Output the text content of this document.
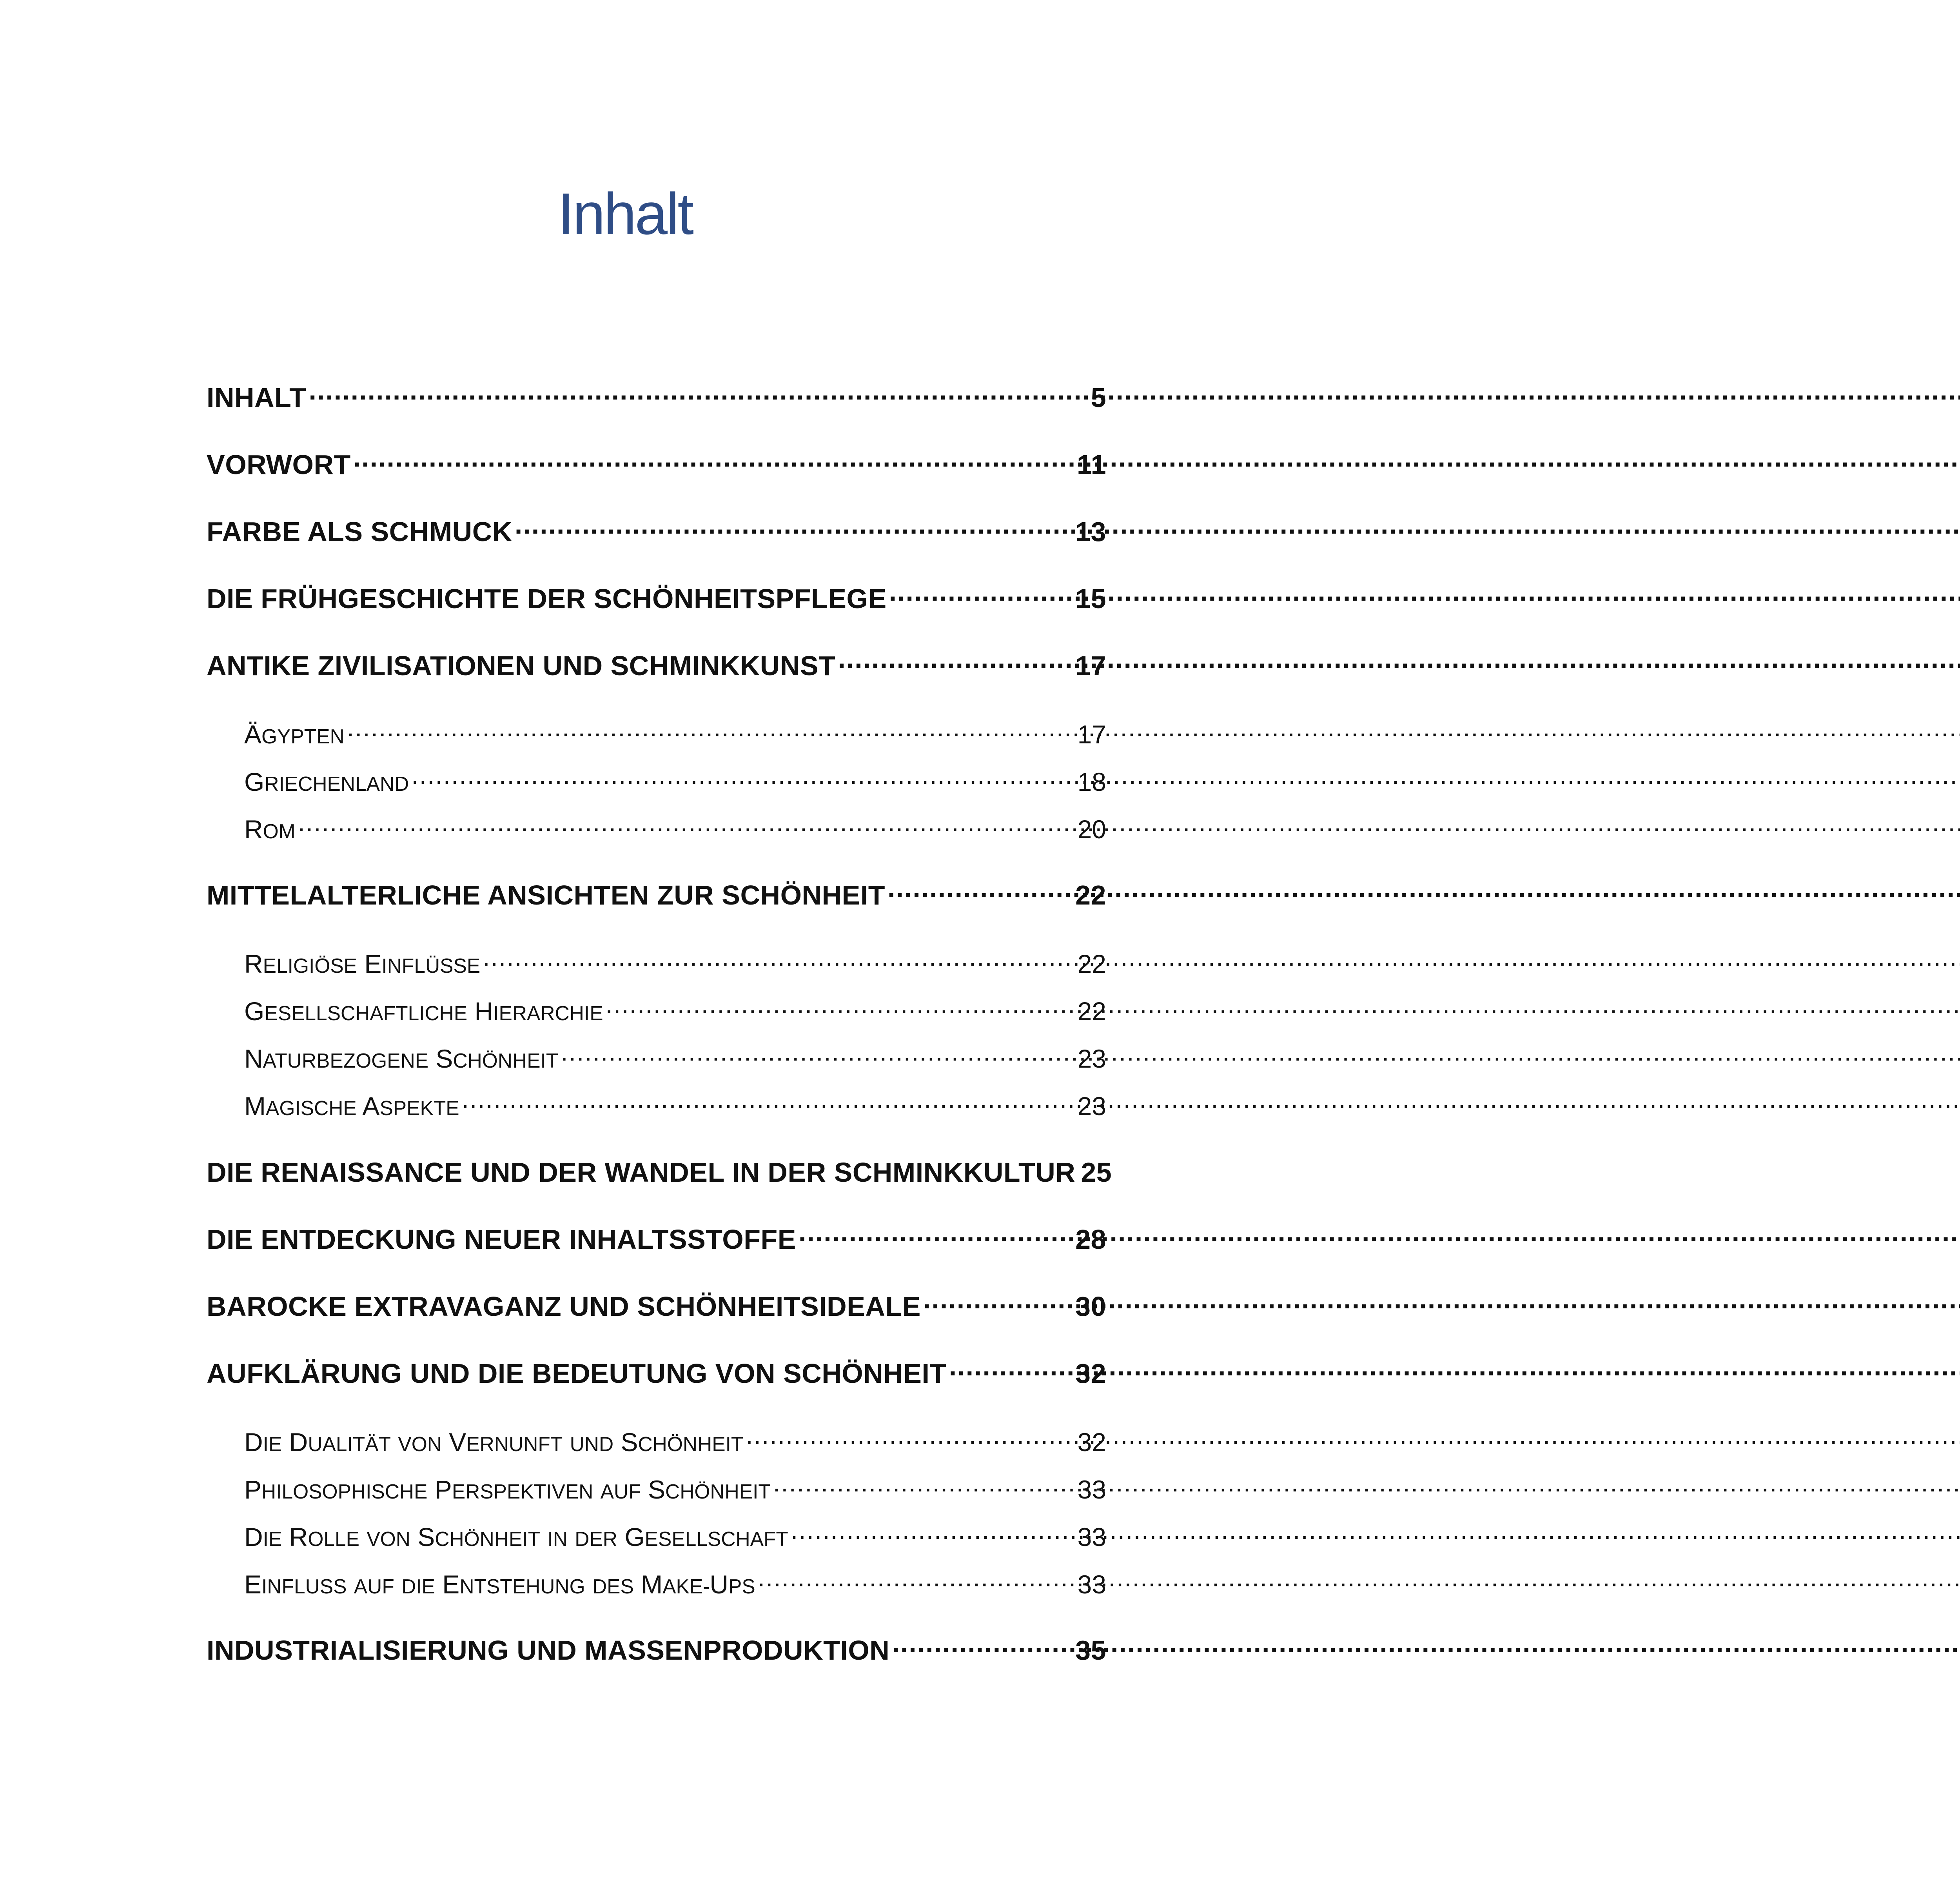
Inhalt
INHALT .....	5
VORWORT .....	11
FARBE ALS SCHMUCK .....	13
DIE FRÜHGESCHICHTE DER SCHÖNHEITSPFLEGE .....	15
ANTIKE ZIVILISATIONEN UND SCHMINKKUNST .....	17
ÄGYPTEN .....	17
GRIECHENLAND .....	18
ROM .....	20
MITTELALTERLICHE ANSICHTEN ZUR SCHÖNHEIT .....	22
RELIGIÖSE EINFLÜSSE .....	22
GESELLSCHAFTLICHE HIERARCHIE .....	22
NATURBEZOGENE SCHÖNHEIT .....	23
MAGISCHE ASPEKTE .....	23
DIE RENAISSANCE UND DER WANDEL IN DER SCHMINKKULTUR 25
DIE ENTDECKUNG NEUER INHALTSSTOFFE .....	28
BAROCKE EXTRAVAGANZ UND SCHÖNHEITSIDEALE .....	30
AUFKLÄRUNG UND DIE BEDEUTUNG VON SCHÖNHEIT .....	32
DIE DUALITÄT VON VERNUNFT UND SCHÖNHEIT .....	32
PHILOSOPHISCHE PERSPEKTIVEN AUF SCHÖNHEIT .....	33
DIE ROLLE VON SCHÖNHEIT IN DER GESELLSCHAFT .....	33
EINFLUSS AUF DIE ENTSTEHUNG DES MAKE-UPS .....	33
INDUSTRIALISIERUNG UND MASSENPRODUKTION .....	35
